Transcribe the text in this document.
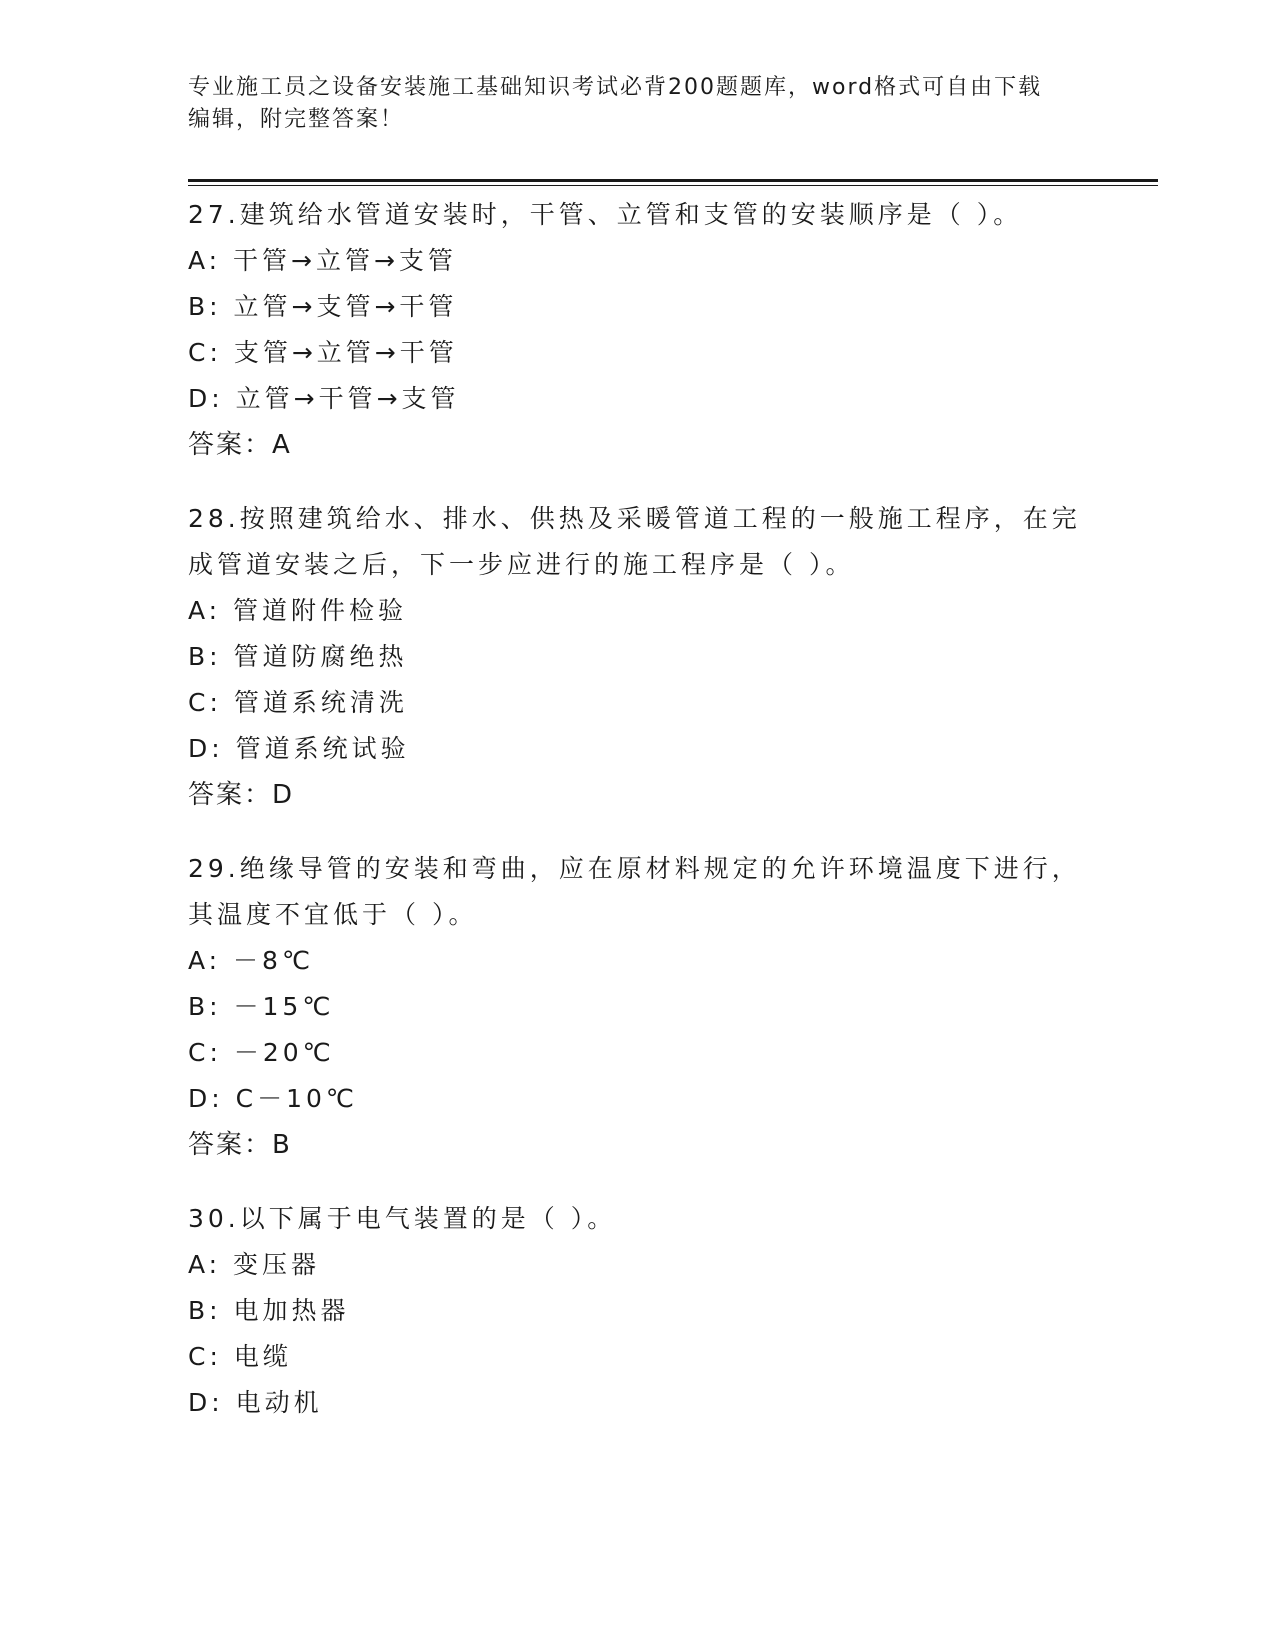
专业施工员之设备安装施工基础知识考试必背200题题库，word格式可自由下载
编辑，附完整答案！
27.建筑给水管道安装时，干管、立管和支管的安装顺序是（ ）。
A: 干管→立管→支管
B: 立管→支管→干管
C: 支管→立管→干管
D: 立管→干管→支管
答案：A
28.按照建筑给水、排水、供热及采暖管道工程的一般施工程序，在完
成管道安装之后，下一步应进行的施工程序是（ ）。
A: 管道附件检验
B: 管道防腐绝热
C: 管道系统清洗
D: 管道系统试验
答案：D
29.绝缘导管的安装和弯曲，应在原材料规定的允许环境温度下进行，
其温度不宜低于（ ）。
A: －8℃
B: －15℃
C: －20℃
D: C－10℃
答案：B
30.以下属于电气装置的是（ ）。
A: 变压器
B: 电加热器
C: 电缆
D: 电动机
